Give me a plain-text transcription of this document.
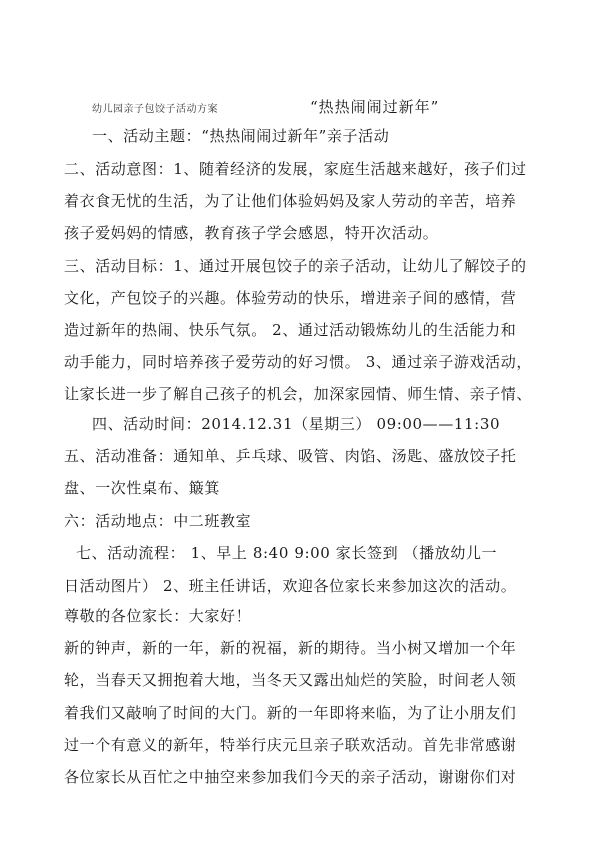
幼儿园亲子包饺子活动方案	“热热闹闹过新年”
一、活动主题：“热热闹闹过新年”亲子活动
二、活动意图：1、随着经济的发展，家庭生活越来越好，孩子们过
着衣食无忧的生活，为了让他们体验妈妈及家人劳动的辛苦，培养
孩子爱妈妈的情感，教育孩子学会感恩，特开次活动。
三、活动目标：1、通过开展包饺子的亲子活动，让幼儿了解饺子的
文化，产包饺子的兴趣。体验劳动的快乐，增进亲子间的感情，营
造过新年的热闹、快乐气氛。 2、通过活动锻炼幼儿的生活能力和
动手能力，同时培养孩子爱劳动的好习惯。 3、通过亲子游戏活动，
让家长进一步了解自己孩子的机会，加深家园情、师生情、亲子情、
四、活动时间：2014.12.31（星期三） 09:00——11:30
五、活动准备：通知单、乒乓球、吸管、肉馅、汤匙、盛放饺子托
盘、一次性桌布、簸箕
六：活动地点：中二班教室
七、活动流程： 1、早上 8:40 9:00 家长签到 （播放幼儿一
日活动图片） 2、班主任讲话，欢迎各位家长来参加这次的活动。
尊敬的各位家长：大家好！
新的钟声，新的一年，新的祝福，新的期待。当小树又增加一个年
轮，当春天又拥抱着大地，当冬天又露出灿烂的笑脸，时间老人领
着我们又敲响了时间的大门。新的一年即将来临，为了让小朋友们
过一个有意义的新年，特举行庆元旦亲子联欢活动。首先非常感谢
各位家长从百忙之中抽空来参加我们今天的亲子活动，谢谢你们对
